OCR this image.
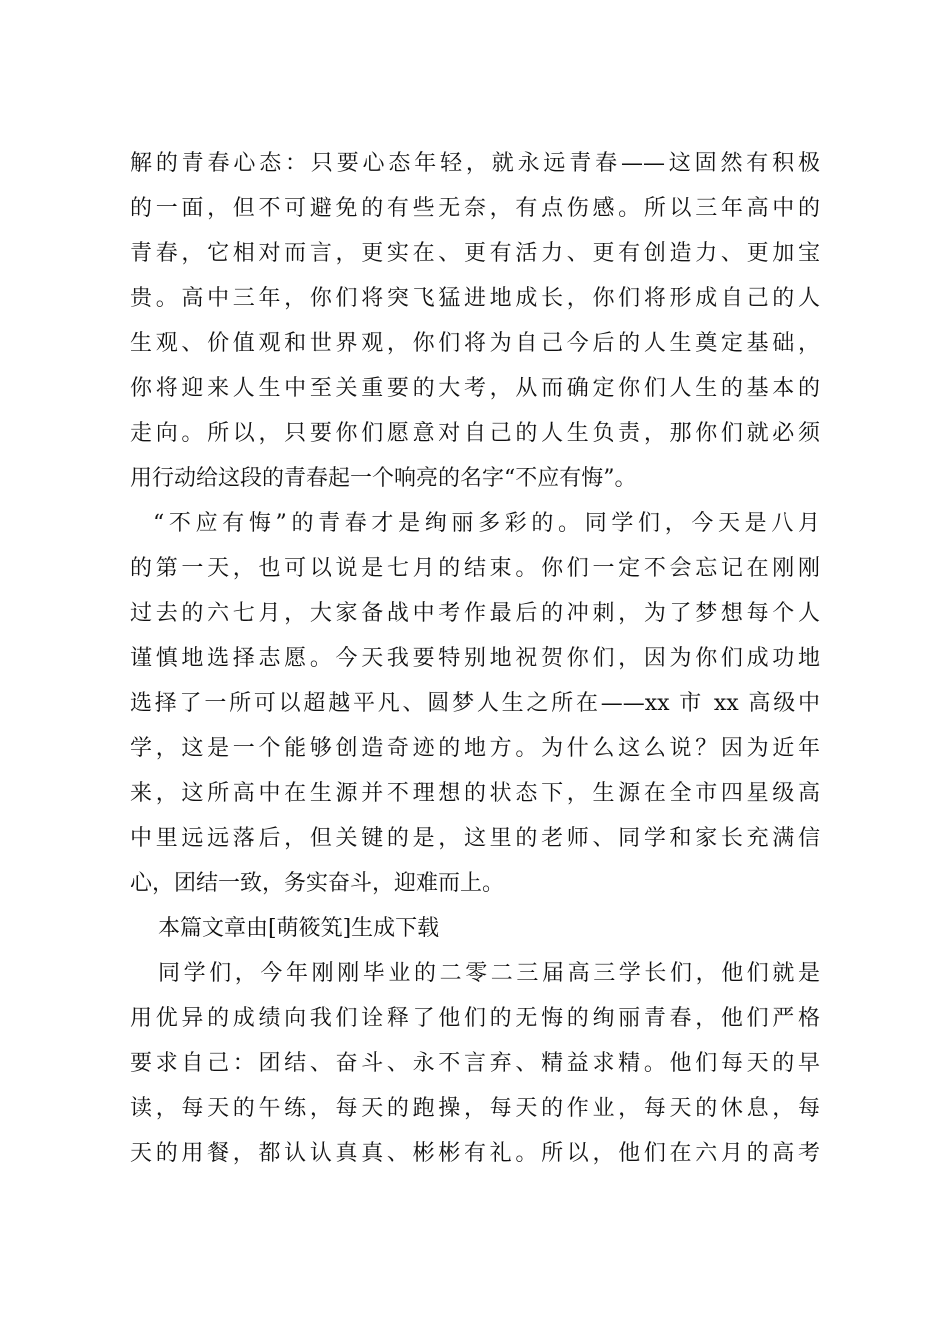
解的青春心态：只要心态年轻，就永远青春——这固然有积极
的一面，但不可避免的有些无奈，有点伤感。所以三年高中的
青春，它相对而言，更实在、更有活力、更有创造力、更加宝
贵。高中三年，你们将突飞猛进地成长，你们将形成自己的人
生观、价值观和世界观，你们将为自己今后的人生奠定基础，
你将迎来人生中至关重要的大考，从而确定你们人生的基本的
走向。所以，只要你们愿意对自己的人生负责，那你们就必须
用行动给这段的青春起一个响亮的名字“不应有悔”。
“不应有悔”的青春才是绚丽多彩的。同学们，今天是八月
的第一天，也可以说是七月的结束。你们一定不会忘记在刚刚
过去的六七月，大家备战中考作最后的冲刺，为了梦想每个人
谨慎地选择志愿。今天我要特别地祝贺你们，因为你们成功地
选择了一所可以超越平凡、圆梦人生之所在——xx 市 xx 高级中
学，这是一个能够创造奇迹的地方。为什么这么说？因为近年
来，这所高中在生源并不理想的状态下，生源在全市四星级高
中里远远落后，但关键的是，这里的老师、同学和家长充满信
心，团结一致，务实奋斗，迎难而上。
本篇文章由[萌筱笂]生成下载
同学们，今年刚刚毕业的二零二三届高三学长们，他们就是
用优异的成绩向我们诠释了他们的无悔的绚丽青春，他们严格
要求自己：团结、奋斗、永不言弃、精益求精。他们每天的早
读，每天的午练，每天的跑操，每天的作业，每天的休息，每
天的用餐，都认认真真、彬彬有礼。所以，他们在六月的高考
